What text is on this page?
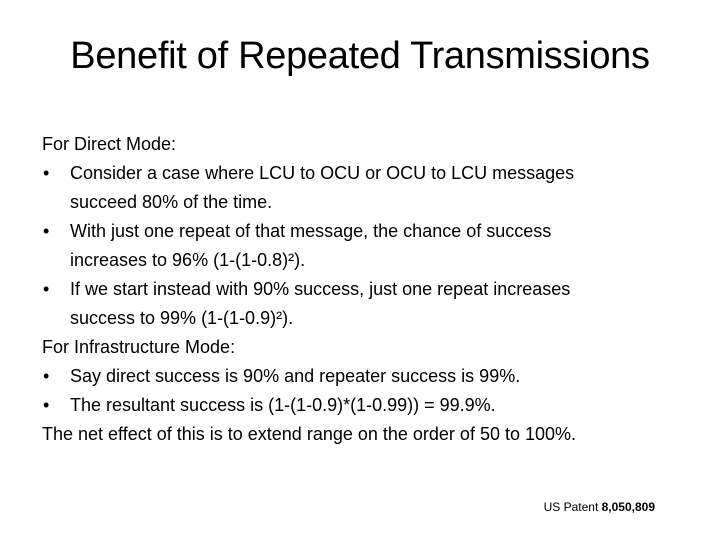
Benefit of Repeated Transmissions
For Direct Mode:
•	Consider a case where LCU to OCU or OCU to LCU messages
succeed 80% of the time.
•	With just one repeat of that message, the chance of success
increases to 96% (1-(1-0.8)²).
•	If we start instead with 90% success, just one repeat increases
success to 99% (1-(1-0.9)²).
For Infrastructure Mode:
•	Say direct success is 90% and repeater success is 99%.
•	The resultant success is (1-(1-0.9)*(1-0.99)) = 99.9%.
The net effect of this is to extend range on the order of 50 to 100%.
US Patent 8,050,809
